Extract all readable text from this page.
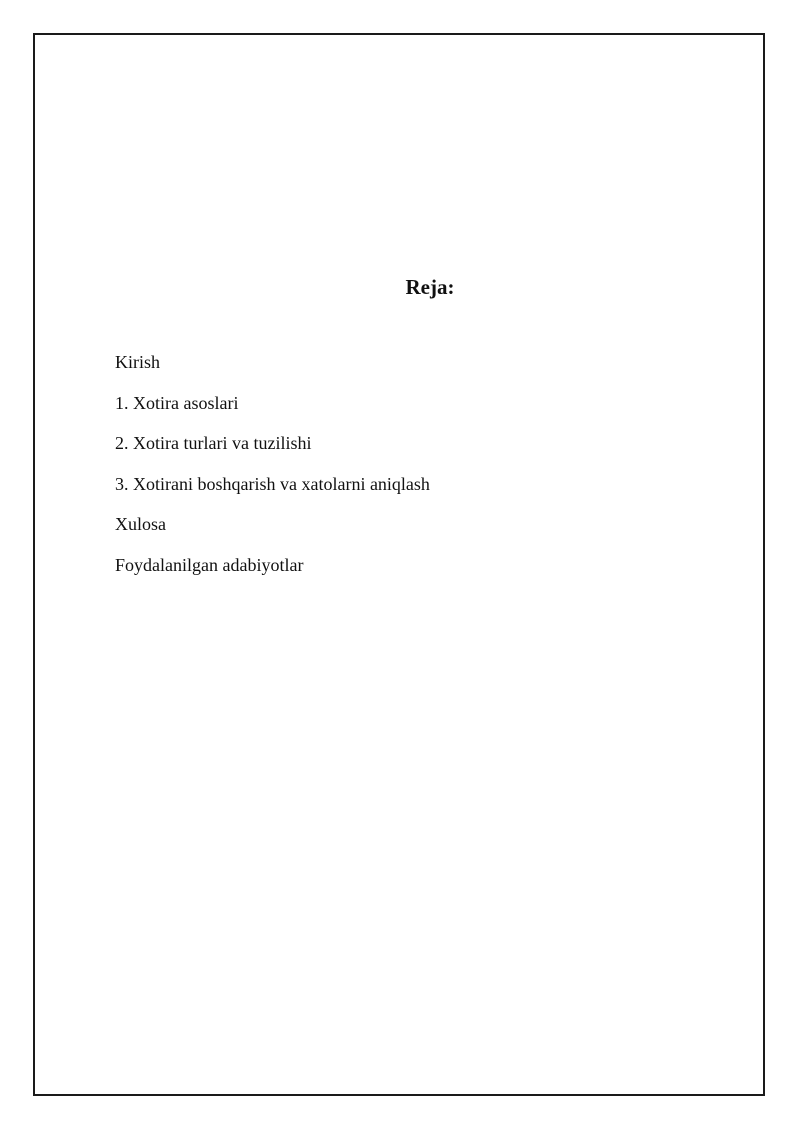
Reja:
Kirish
1. Xotira asoslari
2. Xotira turlari va tuzilishi
3. Xotirani boshqarish va xatolarni aniqlash
Xulosa
Foydalanilgan adabiyotlar
